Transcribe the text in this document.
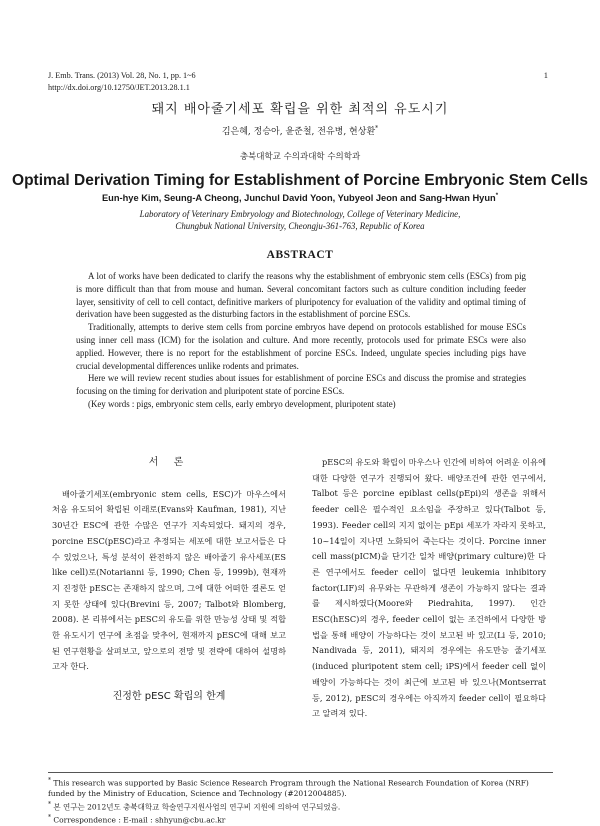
J. Emb. Trans. (2013) Vol. 28, No. 1, pp. 1~6
http://dx.doi.org/10.12750/JET.2013.28.1.1
1
돼지 배아줄기세포 확립을 위한 최적의 유도시기
김은혜, 정승아, 윤준철, 전유병, 현상환*
충북대학교 수의과대학 수의학과
Optimal Derivation Timing for Establishment of Porcine Embryonic Stem Cells
Eun-hye Kim, Seung-A Cheong, Junchul David Yoon, Yubyeol Jeon and Sang-Hwan Hyun*
Laboratory of Veterinary Embryology and Biotechnology, College of Veterinary Medicine,
Chungbuk National University, Cheongju-361-763, Republic of Korea
ABSTRACT

A lot of works have been dedicated to clarify the reasons why the establishment of embryonic stem cells (ESCs) from pig is more difficult than that from mouse and human. Several concomitant factors such as culture condition including feeder layer, sensitivity of cell to cell contact, definitive markers of pluripotency for evaluation of the validity and optimal timing of derivation have been suggested as the disturbing factors in the establishment of porcine ESCs.

Traditionally, attempts to derive stem cells from porcine embryos have depend on protocols established for mouse ESCs using inner cell mass (ICM) for the isolation and culture. And more recently, protocols used for primate ESCs were also applied. However, there is no report for the establishment of porcine ESCs. Indeed, ungulate species including pigs have crucial developmental differences unlike rodents and primates.

Here we will review recent studies about issues for establishment of porcine ESCs and discuss the promise and strategies focusing on the timing for derivation and pluripotent state of porcine ESCs.

(Key words : pigs, embryonic stem cells, early embryo development, pluripotent state)

서 론

배아줄기세포(embryonic stem cells, ESC)가 마우스에서 처음 유도되어 확립된 이래로(Evans와 Kaufman, 1981), 지난 30년간 ESC에 관한 수많은 연구가 지속되었다. 돼지의 경우, porcine ESC(pESC)라고 추정되는 세포에 대한 보고서들은 다수 있었으나, 특성 분석이 완전하지 않은 배아줄기 유사세포(ES like cell)로(Notarianni 등, 1990; Chen 등, 1999b), 현재까지 진정한 pESC는 존재하지 않으며, 그에 대한 어떠한 결론도 얻지 못한 상태에 있다(Brevini 등, 2007; Talbot와 Blomberg, 2008). 본 리뷰에서는 pESC의 유도를 위한 만능성 상태 및 적합한 유도시기 연구에 초점을 맞추어, 현재까지 pESC에 대해 보고된 연구현황을 살펴보고, 앞으로의 전망 및 전략에 대하여 설명하고자 한다.

진정한 pESC 확립의 한계

pESC의 유도와 확립이 마우스나 인간에 비하여 어려운 이유에 대한 다양한 연구가 진행되어 왔다. 배양조건에 관한 연구에서, Talbot 등은 porcine epiblast cells(pEpi)의 생존을 위해서 feeder cell은 필수적인 요소임을 주장하고 있다(Talbot 등, 1993). Feeder cell의 지지 없이는 pEpi 세포가 자라지 못하고, 10~14일이 지나면 노화되어 죽는다는 것이다. Porcine inner cell mass(pICM)을 단기간 일차 배양(primary culture)한 다른 연구에서도 feeder cell이 없다면 leukemia inhibitory factor(LIF)의 유무와는 무관하게 생존이 가능하지 않다는 결과를 제시하였다(Moore와 Piedrahita, 1997). 인간 ESC(hESC)의 경우, feeder cell이 없는 조건하에서 다양한 방법을 통해 배양이 가능하다는 것이 보고된 바 있고(Li 등, 2010; Nandivada 등, 2011), 돼지의 경우에는 유도만능 줄기세포(induced pluripotent stem cell; iPS)에서 feeder cell 없이 배양이 가능하다는 것이 최근에 보고된 바 있으나(Montserrat 등, 2012), pESC의 경우에는 아직까지 feeder cell이 필요하다고 알려져 있다.

* This research was supported by Basic Science Research Program through the National Research Foundation of Korea (NRF) funded by the Ministry of Education, Science and Technology (#2012004885).
* 본 연구는 2012년도 충북대학교 학술연구지원사업의 연구비 지원에 의하여 연구되었음.
* Correspondence : E-mail : shhyun@cbu.ac.kr
